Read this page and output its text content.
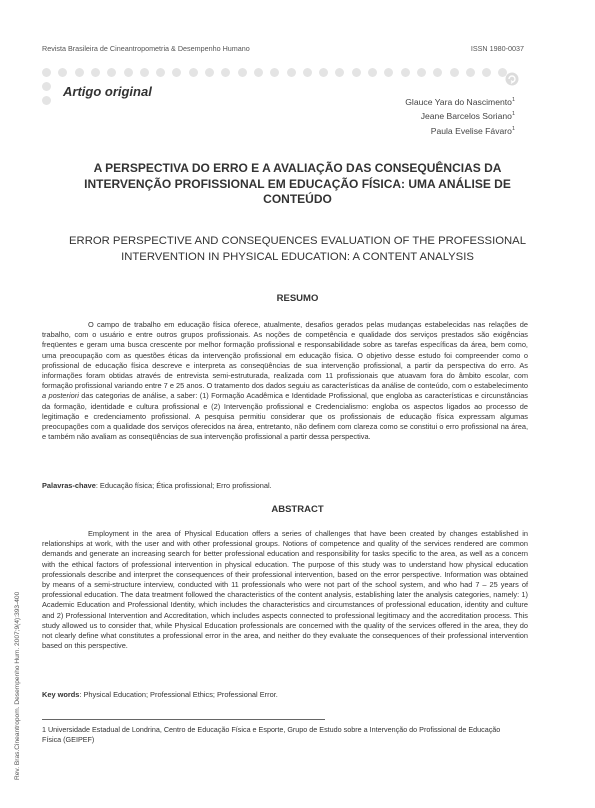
Revista Brasileira de Cineantropometria & Desempenho Humano	ISSN 1980-0037
Artigo original
Glauce Yara do Nascimento$^1$
Jeane Barcelos Soriano$^1$
Paula Evelise Fávaro$^1$
A PERSPECTIVA DO ERRO E A AVALIAÇÃO DAS CONSEQUÊNCIAS DA INTERVENÇÃO PROFISSIONAL EM EDUCAÇÃO FÍSICA: UMA ANÁLISE DE CONTEÚDO
ERROR PERSPECTIVE AND CONSEQUENCES EVALUATION OF THE PROFESSIONAL INTERVENTION IN PHYSICAL EDUCATION: A CONTENT ANALYSIS
RESUMO
O campo de trabalho em educação física oferece, atualmente, desafios gerados pelas mudanças estabelecidas nas relações de trabalho, com o usuário e entre outros grupos profissionais. As noções de competência e qualidade dos serviços prestados são exigências freqüentes e geram uma busca crescente por melhor formação profissional e responsabilidade sobre as tarefas específicas da área, bem como, uma preocupação com as questões éticas da intervenção profissional em educação física. O objetivo desse estudo foi compreender como o profissional de educação física descreve e interpreta as conseqüências de sua intervenção profissional, a partir da perspectiva do erro. As informações foram obtidas através de entrevista semi-estruturada, realizada com 11 profissionais que atuavam fora do âmbito escolar, com formação profissional variando entre 7 e 25 anos. O tratamento dos dados seguiu as características da análise de conteúdo, com o estabelecimento a posteriori das categorias de análise, a saber: (1) Formação Acadêmica e Identidade Profissional, que engloba as características e circunstâncias da formação, identidade e cultura profissional e (2) Intervenção profissional e Credencialismo: engloba os aspectos ligados ao processo de legitimação e credenciamento profissional. A pesquisa permitiu considerar que os profissionais de educação física expressam algumas preocupações com a qualidade dos serviços oferecidos na área, entretanto, não definem com clareza como se constitui o erro profissional na área, e também não avaliam as conseqüências de sua intervenção profissional a partir dessa perspectiva.
Palavras-chave: Educação física; Ética profissional; Erro profissional.
ABSTRACT
Employment in the area of Physical Education offers a series of challenges that have been created by changes established in relationships at work, with the user and with other professional groups. Notions of competence and quality of the services rendered are common demands and generate an increasing search for better professional education and responsibility for tasks specific to the area, as well as a concern with the ethical factors of professional intervention in physical education. The purpose of this study was to understand how physical education professionals describe and interpret the consequences of their professional intervention, based on the error perspective. Information was obtained by means of a semi-structure interview, conducted with 11 professionals who were not part of the school system, and who had 7 – 25 years of professional education. The data treatment followed the characteristics of the content analysis, establishing later the analysis categories, namely: 1) Academic Education and Professional Identity, which includes the characteristics and circumstances of professional education, identity and culture and 2) Professional Intervention and Accreditation, which includes aspects connected to professional legitimacy and the accreditation process. This study allowed us to consider that, while Physical Education professionals are concerned with the quality of the services offered in the area, they do not clearly define what constitutes a professional error in the area, and neither do they evaluate the consequences of their professional intervention based on this perspective.
Key words: Physical Education; Professional Ethics; Professional Error.
1 Universidade Estadual de Londrina, Centro de Educação Física e Esporte, Grupo de Estudo sobre a Intervenção do Profissional de Educação Física (GEIPEF)
Rev. Bras.Cineantropom. Desempenho Hum. 2007;9(4):393-400
